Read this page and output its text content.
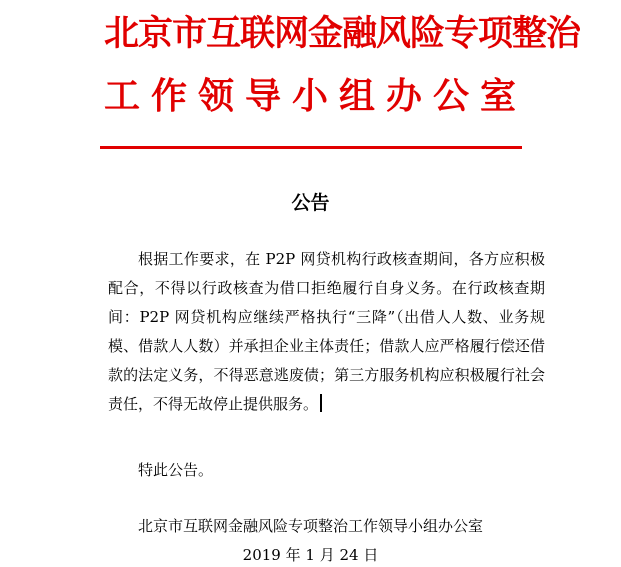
北京市互联网金融风险专项整治
工作领导小组办公室
公告

根据工作要求，在 P2P 网贷机构行政核查期间，各方应积极配合，不得以行政核查为借口拒绝履行自身义务。在行政核查期间：P2P 网贷机构应继续严格执行“三降”（出借人人数、业务规模、借款人人数）并承担企业主体责任；借款人应严格履行偿还借款的法定义务，不得恶意逃废债；第三方服务机构应积极履行社会责任，不得无故停止提供服务。

特此公告。
北京市互联网金融风险专项整治工作领导小组办公室
2019 年 1 月 24 日
